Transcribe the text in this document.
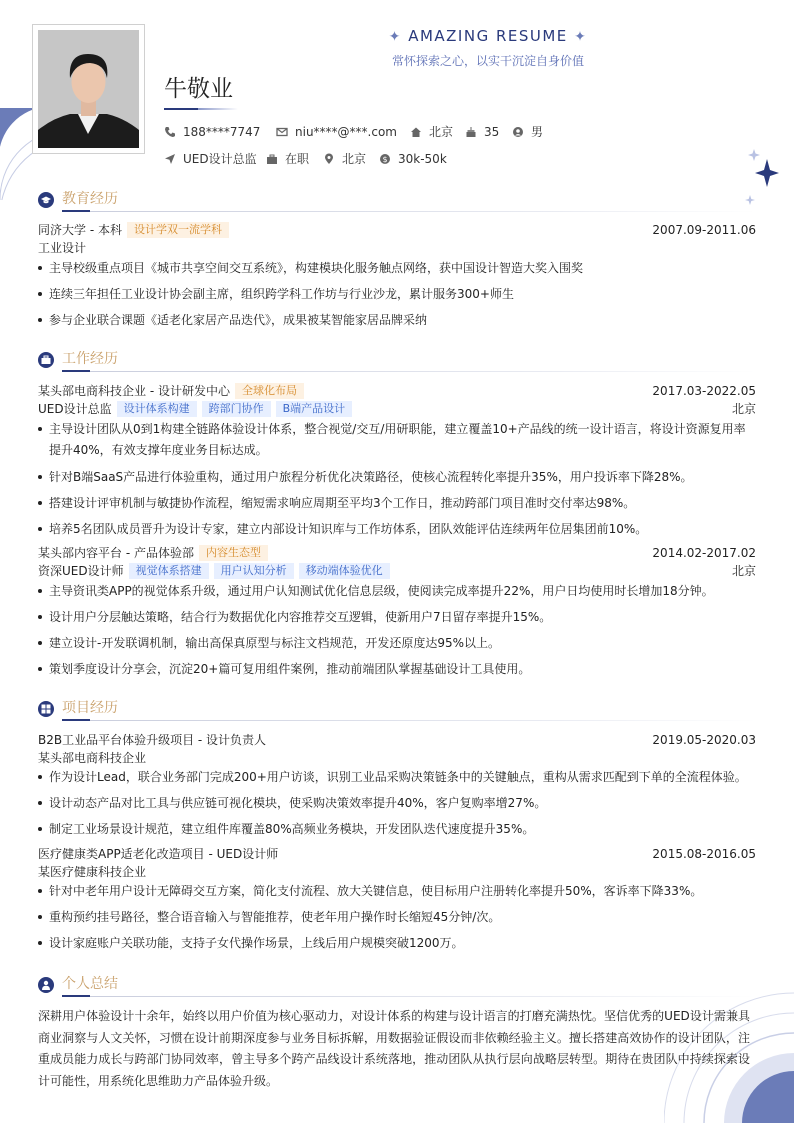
✦ AMAZING RESUME ✦
常怀探索之心，以实干沉淀自身价值
牛敬业
188****7747	niu****@***.com	北京	35	男
UED设计总监	在职	北京 $ 30k-50k
教育经历
同济大学 - 本科 设计学双一流学科	2007.09-2011.06
工业设计
主导校级重点项目《城市共享空间交互系统》，构建模块化服务触点网络，获中国设计智造大奖入围奖
连续三年担任工业设计协会副主席，组织跨学科工作坊与行业沙龙，累计服务300+师生
参与企业联合课题《适老化家居产品迭代》，成果被某智能家居品牌采纳
工作经历
某头部电商科技企业 - 设计研发中心 全球化布局	2017.03-2022.05
UED设计总监 设计体系构建 跨部门协作 B端产品设计	北京
主导设计团队从0到1构建全链路体验设计体系，整合视觉/交互/用研职能，建立覆盖10+产品线的统一设计语言，将设计资源复用率提升40%，有效支撑年度业务目标达成。
针对B端SaaS产品进行体验重构，通过用户旅程分析优化决策路径，使核心流程转化率提升35%，用户投诉率下降28%。
搭建设计评审机制与敏捷协作流程，缩短需求响应周期至平均3个工作日，推动跨部门项目准时交付率达98%。
培养5名团队成员晋升为设计专家，建立内部设计知识库与工作坊体系，团队效能评估连续两年位居集团前10%。
某头部内容平台 - 产品体验部 内容生态型	2014.02-2017.02
资深UED设计师 视觉体系搭建 用户认知分析 移动端体验优化	北京
主导资讯类APP的视觉体系升级，通过用户认知测试优化信息层级，使阅读完成率提升22%，用户日均使用时长增加18分钟。
设计用户分层触达策略，结合行为数据优化内容推荐交互逻辑，使新用户7日留存率提升15%。
建立设计-开发联调机制，输出高保真原型与标注文档规范，开发还原度达95%以上。
策划季度设计分享会，沉淀20+篇可复用组件案例，推动前端团队掌握基础设计工具使用。
项目经历
B2B工业品平台体验升级项目 - 设计负责人	2019.05-2020.03
某头部电商科技企业
作为设计Lead，联合业务部门完成200+用户访谈，识别工业品采购决策链条中的关键触点，重构从需求匹配到下单的全流程体验。
设计动态产品对比工具与供应链可视化模块，使采购决策效率提升40%，客户复购率增27%。
制定工业场景设计规范，建立组件库覆盖80%高频业务模块，开发团队迭代速度提升35%。
医疗健康类APP适老化改造项目 - UED设计师	2015.08-2016.05
某医疗健康科技企业
针对中老年用户设计无障碍交互方案，简化支付流程、放大关键信息，使目标用户注册转化率提升50%，客诉率下降33%。
重构预约挂号路径，整合语音输入与智能推荐，使老年用户操作时长缩短45分钟/次。
设计家庭账户关联功能，支持子女代操作场景，上线后用户规模突破1200万。
个人总结
深耕用户体验设计十余年，始终以用户价值为核心驱动力，对设计体系的构建与设计语言的打磨充满热忱。坚信优秀的UED设计需兼具商业洞察与人文关怀，习惯在设计前期深度参与业务目标拆解，用数据验证假设而非依赖经验主义。擅长搭建高效协作的设计团队，注重成员能力成长与跨部门协同效率，曾主导多个跨产品线设计系统落地，推动团队从执行层向战略层转型。期待在贵团队中持续探索设计可能性，用系统化思维助力产品体验升级。
